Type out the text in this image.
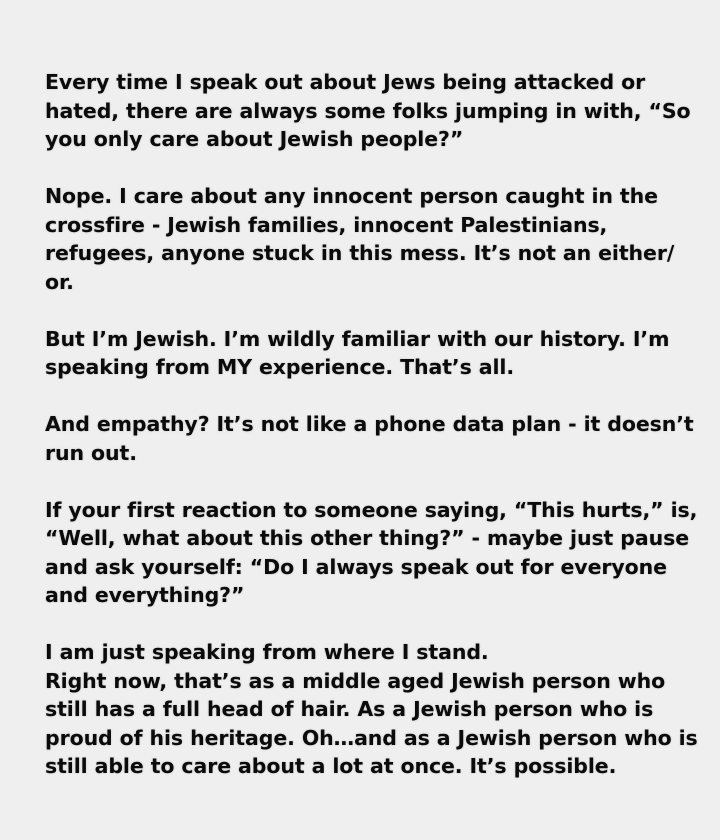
Every time I speak out about Jews being attacked or
hated, there are always some folks jumping in with, “So
you only care about Jewish people?”

Nope. I care about any innocent person caught in the
crossfire - Jewish families, innocent Palestinians,
refugees, anyone stuck in this mess. It’s not an either/
or.

But I’m Jewish. I’m wildly familiar with our history. I’m
speaking from MY experience. That’s all.

And empathy? It’s not like a phone data plan - it doesn’t
run out.

If your first reaction to someone saying, “This hurts,” is,
“Well, what about this other thing?” - maybe just pause
and ask yourself: “Do I always speak out for everyone
and everything?”

I am just speaking from where I stand.
Right now, that’s as a middle aged Jewish person who
still has a full head of hair. As a Jewish person who is
proud of his heritage. Oh…and as a Jewish person who is
still able to care about a lot at once. It’s possible.
